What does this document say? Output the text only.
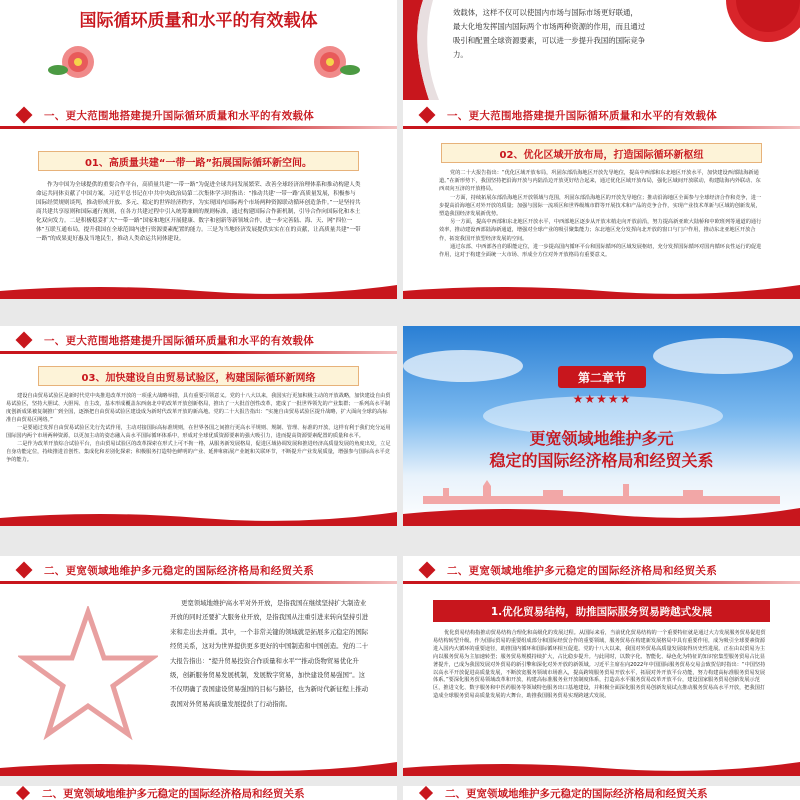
国际循环质量和水平的有效载体	效载体，这样不仅可以使国内市场与国际市场更好联通，
最大化地发挥国内国际两个市场两种资源的作用，而且通过
吸引和配置全球资源要素，可以进一步提升我国的国际竞争
力。
一、更大范围地搭建提升国际循环质量和水平的有效载体
01、高质量共建“一带一路”拓展国际循环新空间。
作为中国为全球提供的重要合作平台，高质量共建“一带一路”为促进全球共同发展繁荣、改善全球经济治理体系和推动构建人类命运共同体贡献了中国方案。习近平总书记在中共中央政治局第二次集体学习时指出：“推动共建‘一带一路’高质量发展，积极参与国际经贸规则谈判，推动形成开放、多元、稳定的世界经济秩序，为实现国内国际两个市场两种资源联动循环创造条件。”一是坚持共商共建共享原则和国际通行规则，在各方共建过程中引入统筹兼顾的规则标准，通过构建国际合作新机制，引导合作向国际化和本土化双向发力。二是积极稳妥扩大“一带一路”国家和地区开展健康、数字和创新等新领域合作，进一步完善陆、海、天、网“四位一体”互联互通布局，提升我国在全球范围内进行资源要素配置的能力。三是为当地经济发展提供实实在在的贡献，让高质量共建“一带一路”的成果更好惠及当地民生，推动人类命运共同体建设。
一、更大范围地搭建提升国际循环质量和水平的有效载体
02、优化区域开放布局，打造国际循环新枢纽
党的二十大报告指出：“优化区域开放布局，巩固东部沿海地区开放先导地位，提高中西部和东北地区开放水平，加快建设西部陆海新通道。”在新形势下，我国坚持把沿海开放与内陆沿边开放更好结合起来，通过优化区域开放布局，强化区域间开放联动，构建陆海内外联动、东西双向互济的开放格局。
一方面，持续拓展东部沿海地区开放领域与范围，巩固东部沿海地区的开放先导地位；推动沿海地区全面参与全球经济合作和竞争，进一步提高沿海地区对外开放的质量；加强与国际一流项区和世界级城市群等开展技术和产品的竞争合作，实现产业技术革新与区域的创新发展，塑造我国经济发展新优势。
另一方面，提高中西部和东北地区开放水平，中西部地区逐步从开放末梢走向开放前沿，努力提高新亚欧大陆桥和中欧班列等通道的通行效率，推动建设西部陆海新通道，增强对全球产业的吸引聚集能力；东北地区充分发挥向北开放的窗口与门户作用，推动东北亚地区开放合作，拓宽我国开放型经济发展的空间。
通过东部、中西部各自的职能定位，进一步提高国内循环平台和国际循环的区域发展枢纽，充分发挥国际循环对国内循环良性运行的促进作用，这对于构建全面统一大市场、形成全方位对外开放格局有重要意义。
一、更大范围地搭建提升国际循环质量和水平的有效载体
03、加快建设自由贸易试验区，构建国际循环新网络
建设自由贸易试验区是新时代党中央推进改革开放的一项重大战略举措，具有重要引领意义。党的十八大以来，我国实行更加积极主动的开放战略，加快建设自由贸易试验区，坚持大胆试、大胆闯、自主改，基本形成覆盖东西南北中的改革开放创新格局，推出了一大批首创性改革，建成了一批世界领先的产业集群；一系列高水平制度创新成果被复制推广到全国，逐渐把自由贸易试验区建设成为新时代改革开放的新高地。党的二十大报告指出：“实施自由贸易试验区提升战略，扩大面向全球的高标准自由贸易区网络。”
一是要通过发挥自由贸易试验区先行先试作用，主动对接国际高标准规则，在世界各国之间推行更高水平规则、规制、管理、标准的开放，这样有利于我们充分运用国际国内两个市场两种资源，以更加主动的姿态融入高水平国际循环体系中，形成对全球优质资源要素的强大吸引力，进而提高资源要素配置的质量和水平。
二是作为改革开放综合试验平台，自由贸易试验区的改革探索在形式上可不拘一格，从服务新发展格局，促进区域协调发展和推进经济高质量发展的角度出发，立足自身功能定位，持续推进首创性、集成化和差别化探索；积极服务打造特色鲜明的产业、延伸和拓展产业链和关联环节，不断提升产业发展质量，增强参与国际高水平竞争的能力。
第二章节
★★★★★
更宽领域地维护多元
稳定的国际经济格局和经贸关系
二、更宽领域地维护多元稳定的国际经济格局和经贸关系
更宽领域地维护高水平对外开放，是指我国在继续坚持扩大制造业开放的同时还要扩大服务业开放，是指我国从注重引进来转向坚持引进来和走出去并重。其中，一个非常关键的领域就是拓展多元稳定的国际经贸关系，这对为世界提供更多更好的中国制造和中国创造。党的二十大报告指出：“提升贸易投资合作质量和水平”“推动货物贸易优化升级，创新服务贸易发展机制，发展数字贸易，加快建设贸易强国”。这不仅明确了我国建设贸易强国的目标与路径，也为新时代新征程上推动我国对外贸易高质量发展提供了行动指南。
二、更宽领域地维护多元稳定的国际经济格局和经贸关系
1.优化贸易结构，助推国际服务贸易跨越式发展
优化贸易结构指推动贸易结构合理化和高级化的发展过程。从国际来看，当前优化贸易结构的一个重要特征就是通过大力发展服务贸易促进贸易结构转型升级。作为国际贸易的重要组成部分和国际经贸合作的重要领域，服务贸易在构建新发展格局中具有重要作用，成为吸引全球要素资源进入国内大循环的重要途径，助推国内循环和国际循环相互促进。党的十八大以来，我国对外贸易高质量发展取得历史性进展。正在由以贸易为主向以服务贸易为主加速转型；服务贸易规模持续扩大，占比稳步提升。与此同时，以数字化、智能化、绿色化为特征的知识密集型服务贸易占比显著提升，已成为我国发展对外贸易的新引擎和深化对外开放的新领域。习近平主席在向2022年中国国际服务贸易交易会致贺信时指出：“中国坚持以高水平开放促进高质量发展，不断放宽服务领域市场准入，提高跨境服务贸易开放水平，拓展对外开放平台功能，努力构建高标准服务贸易发展体系。”要深化服务贸易领域改革和开放，构建高标准服务业开放制度体系，打造高水平服务贸易改革开放平台，建设国家服务贸易创新发展示范区，推进文化、数字服务和中医药服务等领域特色服务出口基地建设，并积极全面深化服务贸易创新发展试点推动服务贸易高水平开放，把我国打造成全球服务贸易高质量发展的大舞台，助推我国服务贸易实现跨越式发展。
二、更宽领域地维护多元稳定的国际经济格局和经贸关系	二、更宽领域地维护多元稳定的国际经济格局和经贸关系
